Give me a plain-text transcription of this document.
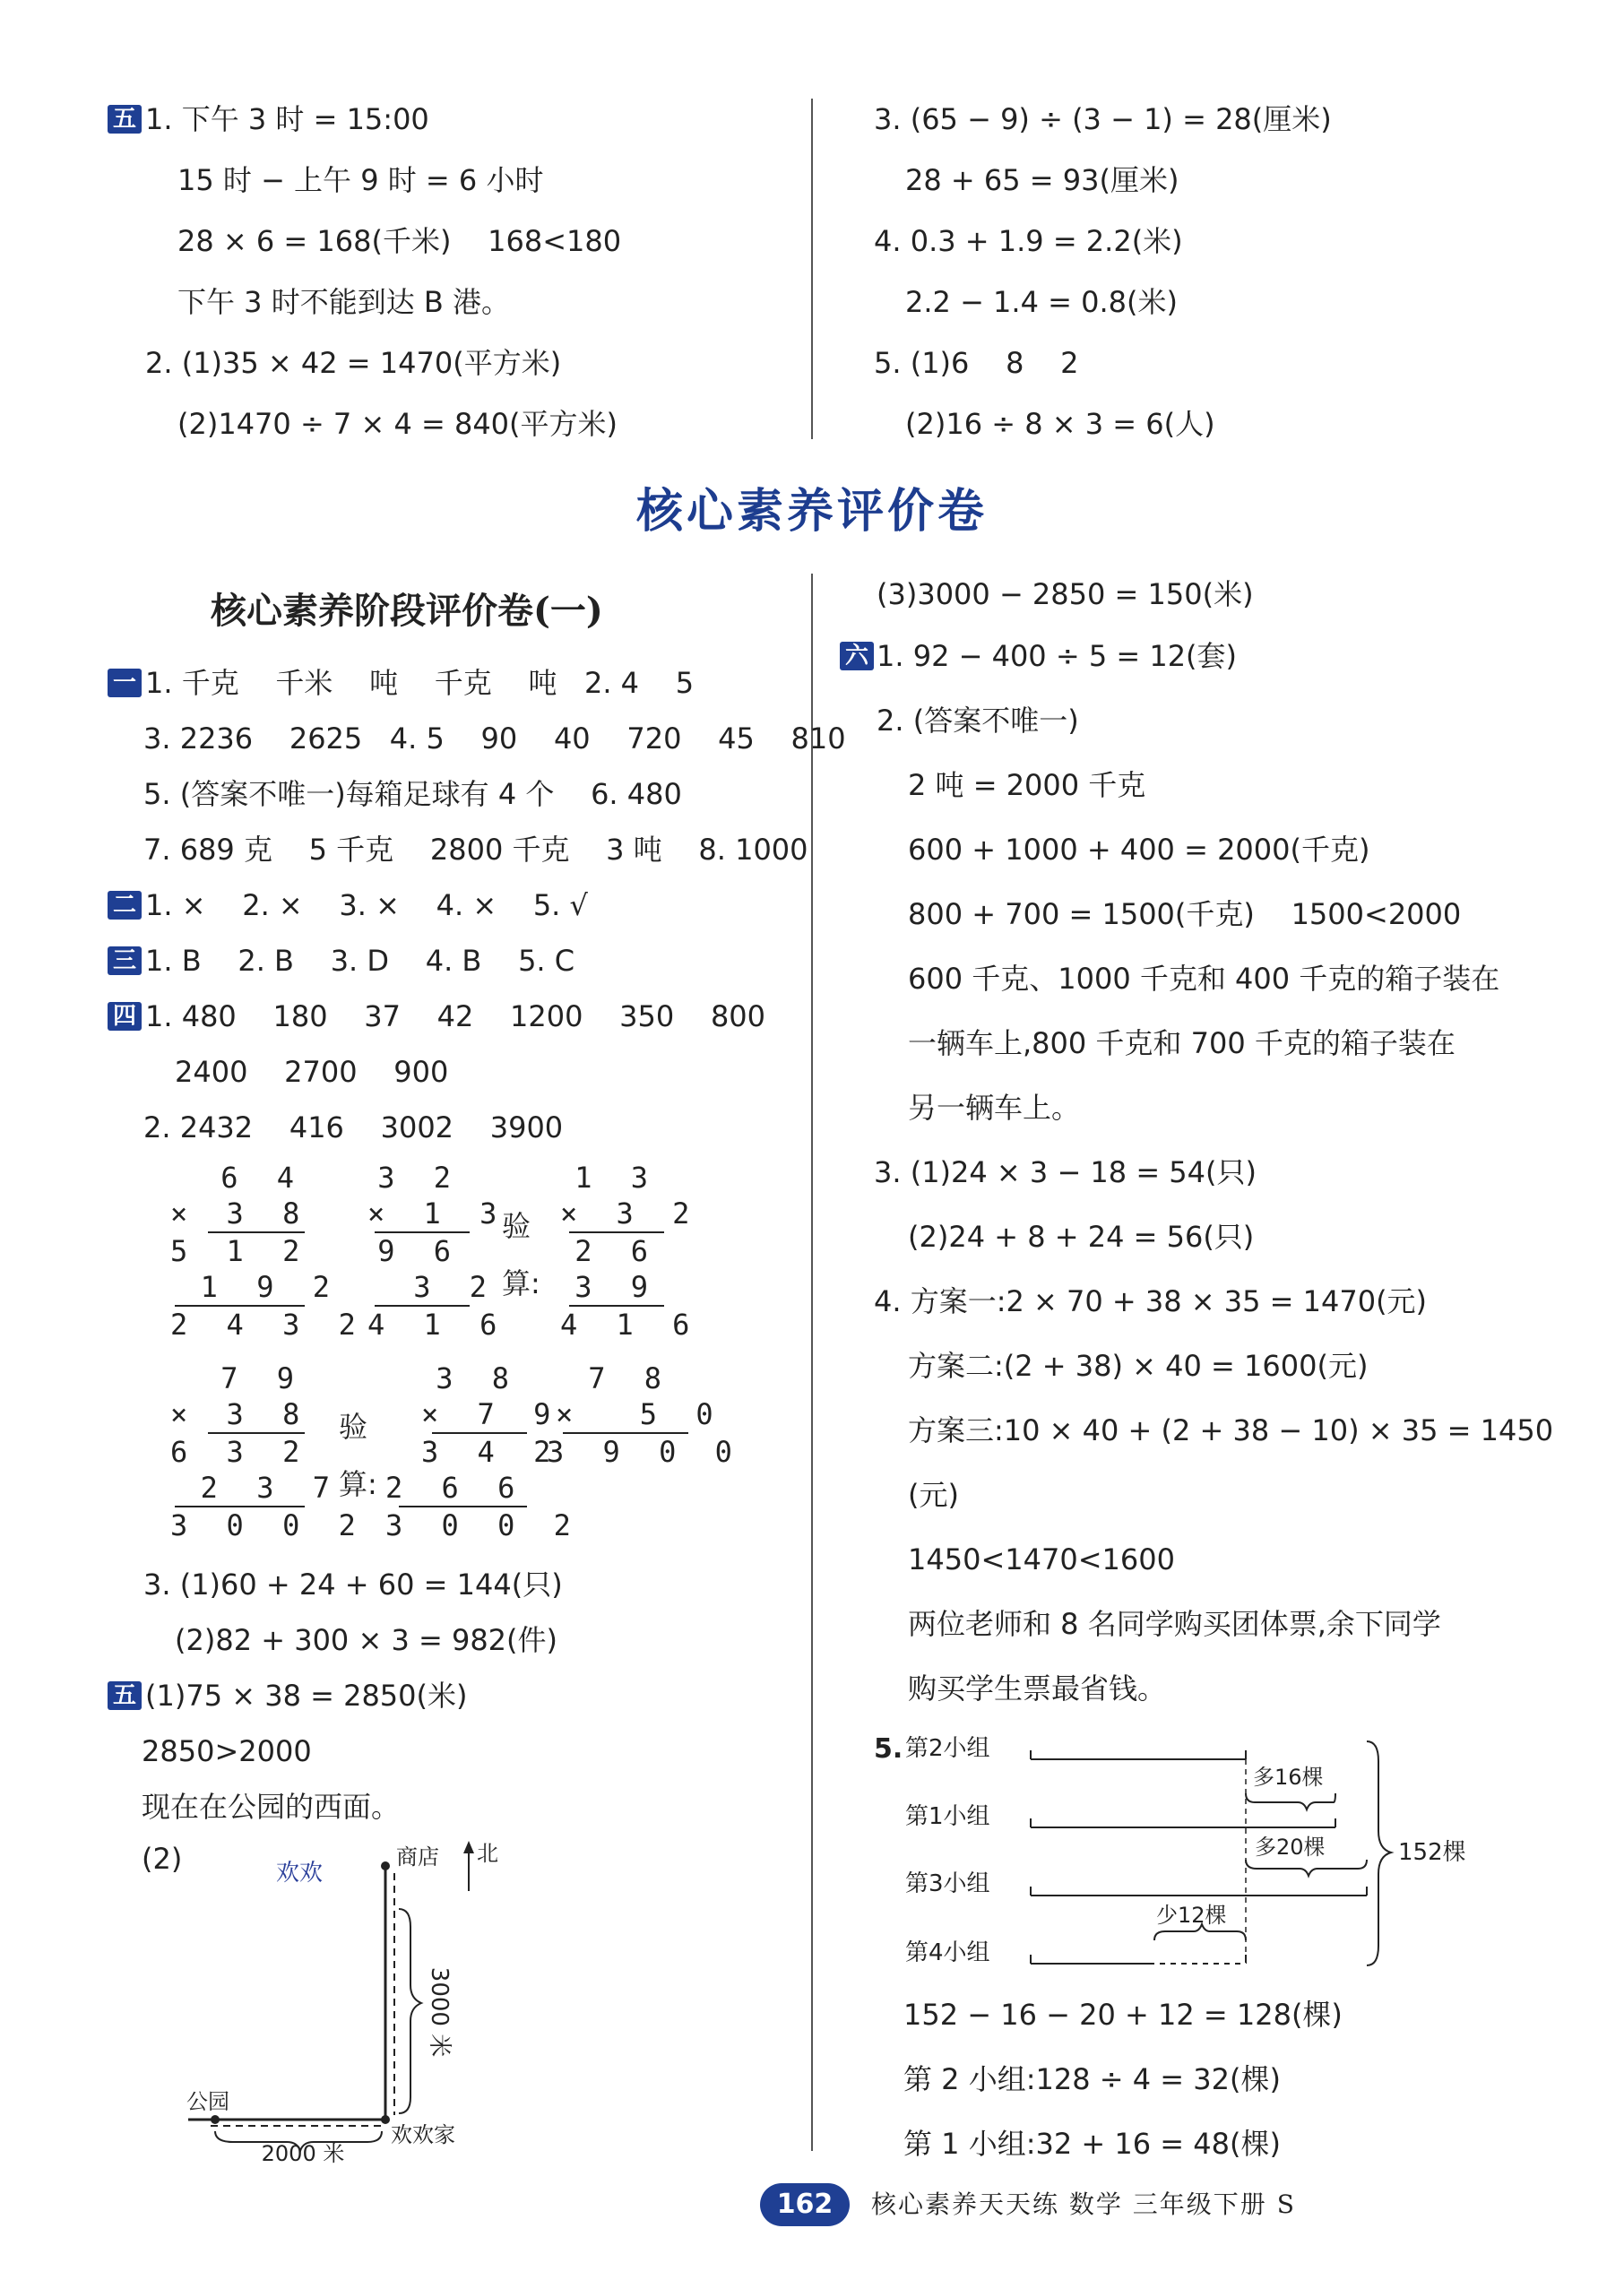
五 1. 下午 3 时 = 15:00
15 时 − 上午 9 时 = 6 小时
28 × 6 = 168(千米)    168<180
下午 3 时不能到达 B 港。
2. (1)35 × 42 = 1470(平方米)
(2)1470 ÷ 7 × 4 = 840(平方米)
3. (65 − 9) ÷ (3 − 1) = 28(厘米)
28 + 65 = 93(厘米)
4. 0.3 + 1.9 = 2.2(米)
2.2 − 1.4 = 0.8(米)
5. (1)6    8    2
(2)16 ÷ 8 × 3 = 6(人)
核心素养评价卷
核心素养阶段评价卷(一)
一 1. 千克    千米    吨    千克    吨   2. 4    5
3. 2236    2625   4. 5    90    40    720    45    810
5. (答案不唯一)每箱足球有 4 个    6. 480
7. 689 克    5 千克    2800 千克    3 吨    8. 1000
二 1. ×    2. ×    3. ×    4. ×    5. √
三 1. B    2. B    3. D    4. B    5. C
四 1. 480    180    37    42    1200    350    800
2400    2700    900
2. 2432    416    3002    3900
6 4
× 3 8
5 1 2
1 9 2
2 4 3 2
3 2
× 1 3
9 6
3 2
4 1 6
验
算:
1 3
× 3 2
2 6
3 9
4 1 6
7 9
× 3 8
6 3 2
2 3 7
3 0 0 2
验
算:
3 8
× 7 9
3 4 2
2 6 6
3 0 0 2
7 8
×  5 0
3 9 0 0
3. (1)60 + 24 + 60 = 144(只)
(2)82 + 300 × 3 = 982(件)
五 (1)75 × 38 = 2850(米)
2850>2000
现在在公园的西面。
(2)	欢欢
商店 北
3000 米
公园
欢欢家
2000 米
(3)3000 − 2850 = 150(米)
六 1. 92 − 400 ÷ 5 = 12(套)
2. (答案不唯一)
2 吨 = 2000 千克
600 + 1000 + 400 = 2000(千克)
800 + 700 = 1500(千克)    1500<2000
600 千克、1000 千克和 400 千克的箱子装在
一辆车上,800 千克和 700 千克的箱子装在
另一辆车上。
3. (1)24 × 3 − 18 = 54(只)
(2)24 + 8 + 24 = 56(只)
4. 方案一:2 × 70 + 38 × 35 = 1470(元)
方案二:(2 + 38) × 40 = 1600(元)
方案三:10 × 40 + (2 + 38 − 10) × 35 = 1450
(元)
1450<1470<1600
两位老师和 8 名同学购买团体票,余下同学
购买学生票最省钱。
5. 第2小组
第1小组
第3小组
第4小组
多16棵
多20棵
少12棵
152棵
152 − 16 − 20 + 12 = 128(棵)
第 2 小组:128 ÷ 4 = 32(棵)
第 1 小组:32 + 16 = 48(棵)
162	核心素养天天练 数学 三年级下册 S
